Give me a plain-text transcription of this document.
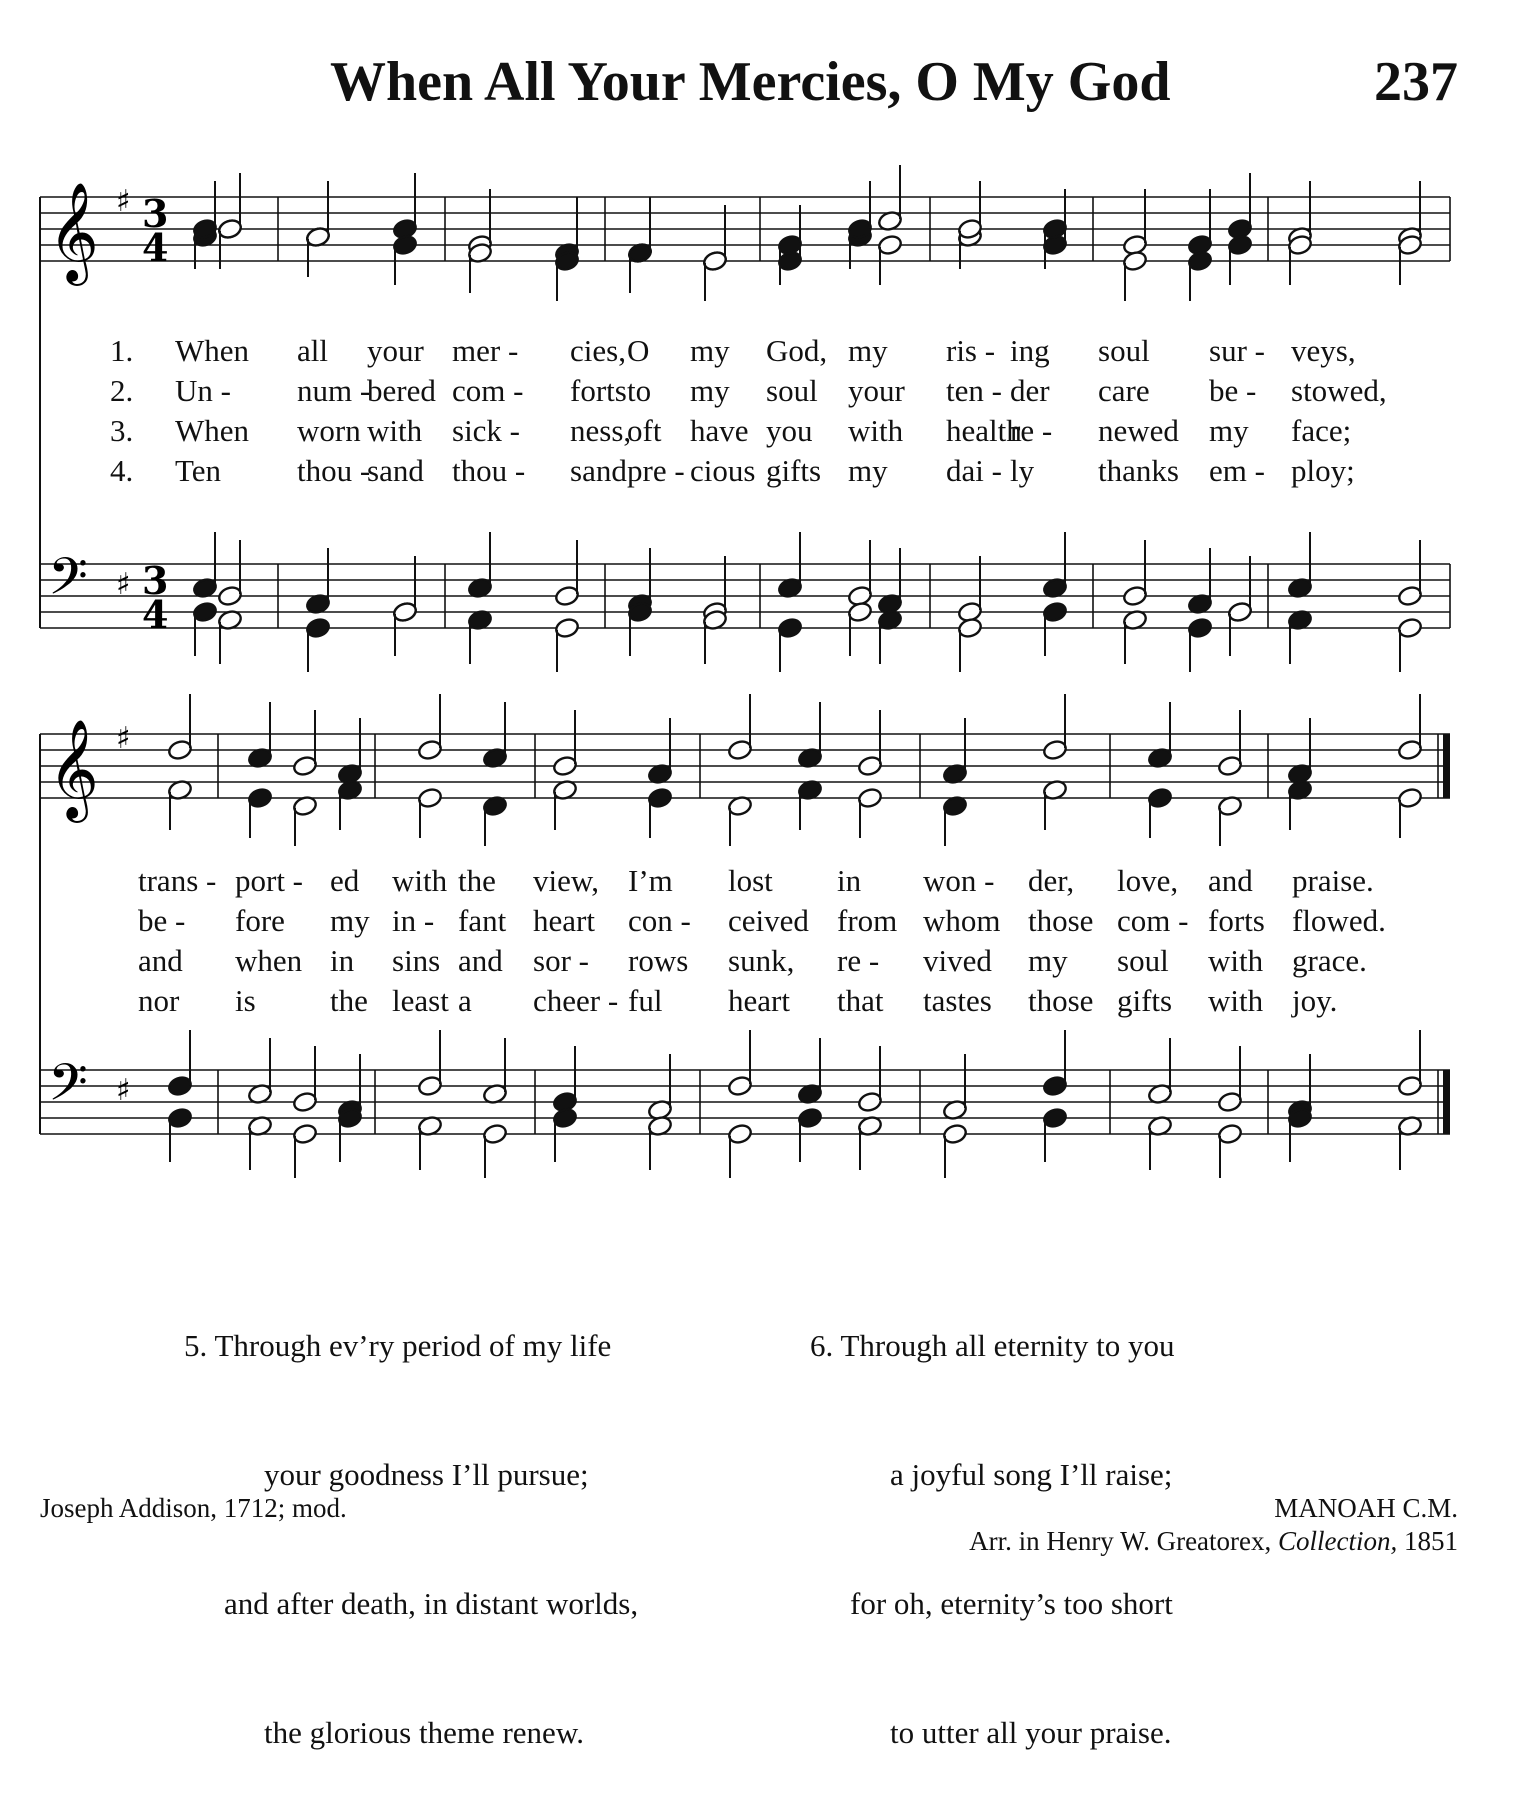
When All Your Mercies, O My God	237
𝄞 ♯
𝄢 ♯
𝄞 ♯
𝄢 ♯
3
4
3
4
1. When all your mer - cies, O my God, my ris - ing soul sur - veys,
2. Un - num -
bered com - forts to my soul your ten - der care be - stowed,
3. When worn with sick - ness,
oft have you with health
re - newed my face;
4. Ten thou -
sand thou - sand pre - cious gifts my dai - ly thanks em - ploy;
trans - port - ed with the view, I’m lost in won - der, love, and praise.
be - fore my in - fant heart con - ceived from whom those com - forts flowed.
and when in sins and sor - rows sunk, re - vived my soul with grace.
nor is the least a cheer - ful heart that tastes those gifts with joy.

5. Through ev’ry period of my life

your goodness I’ll pursue;

and after death, in distant worlds,

the glorious theme renew.

6. Through all eternity to you

a joyful song I’ll raise;

for oh, eternity’s too short

to utter all your praise.

Joseph Addison, 1712; mod.	MANOAH C.M.
Arr. in Henry W. Greatorex, Collection, 1851
